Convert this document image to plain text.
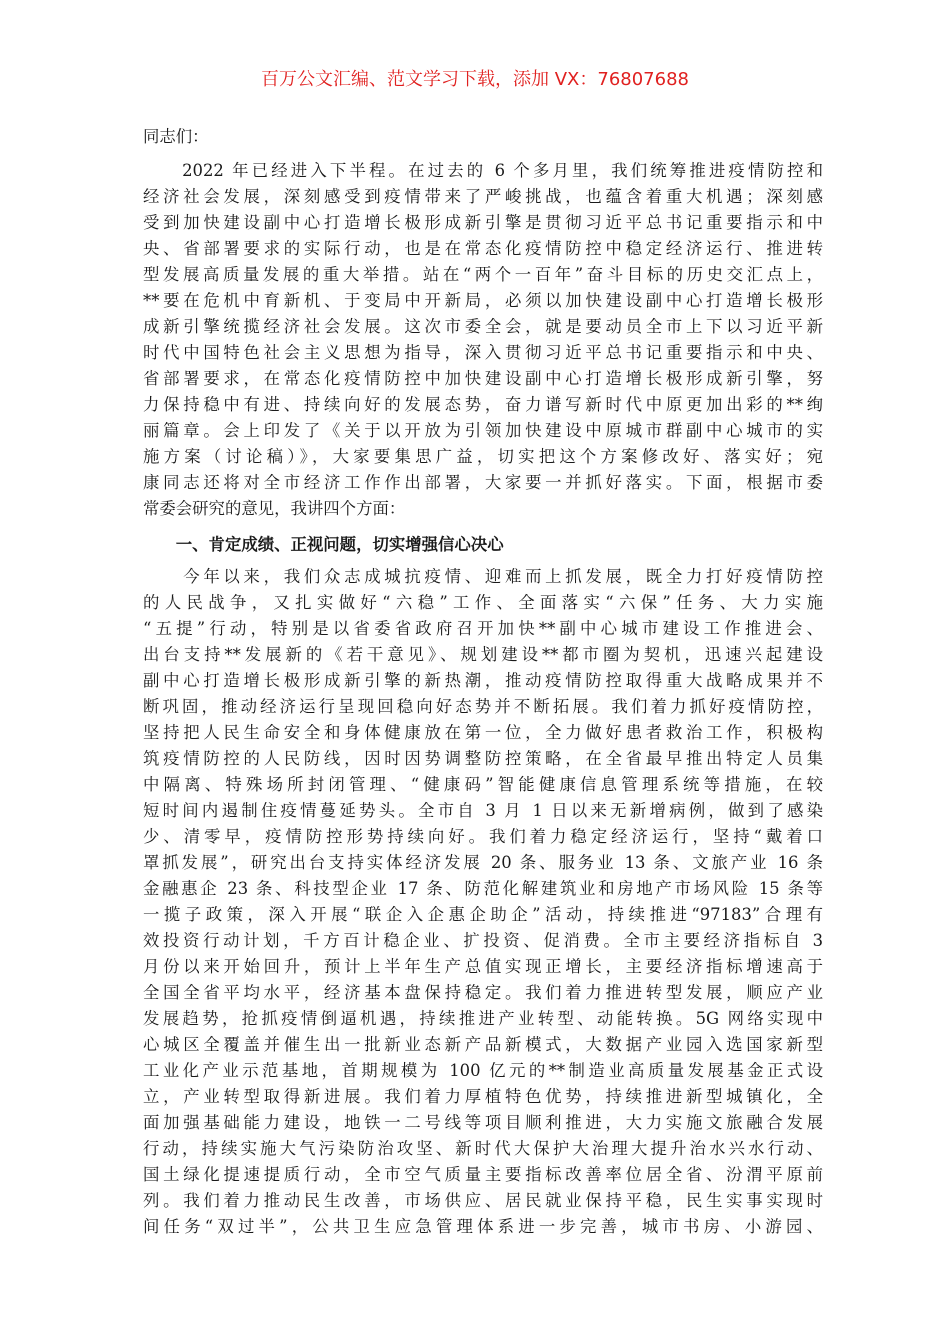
百万公文汇编、范文学习下载，添加 VX：76807688
同志们：
　　2022 年已经进入下半程。在过去的 6 个多月里，我们统筹推进疫情防控和
经济社会发展，深刻感受到疫情带来了严峻挑战，也蕴含着重大机遇；深刻感
受到加快建设副中心打造增长极形成新引擎是贯彻习近平总书记重要指示和中
央、省部署要求的实际行动，也是在常态化疫情防控中稳定经济运行、推进转
型发展高质量发展的重大举措。站在“两个一百年”奋斗目标的历史交汇点上，
**要在危机中育新机、于变局中开新局，必须以加快建设副中心打造增长极形
成新引擎统揽经济社会发展。这次市委全会，就是要动员全市上下以习近平新
时代中国特色社会主义思想为指导，深入贯彻习近平总书记重要指示和中央、
省部署要求，在常态化疫情防控中加快建设副中心打造增长极形成新引擎，努
力保持稳中有进、持续向好的发展态势，奋力谱写新时代中原更加出彩的**绚
丽篇章。会上印发了《关于以开放为引领加快建设中原城市群副中心城市的实
施方案（讨论稿）》，大家要集思广益，切实把这个方案修改好、落实好；宛
康同志还将对全市经济工作作出部署，大家要一并抓好落实。下面，根据市委
常委会研究的意见，我讲四个方面：
　　一、肯定成绩、正视问题，切实增强信心决心
　　今年以来，我们众志成城抗疫情、迎难而上抓发展，既全力打好疫情防控
的人民战争，又扎实做好“六稳”工作、全面落实“六保”任务、大力实施
“五提”行动，特别是以省委省政府召开加快**副中心城市建设工作推进会、
出台支持**发展新的《若干意见》、规划建设**都市圈为契机，迅速兴起建设
副中心打造增长极形成新引擎的新热潮，推动疫情防控取得重大战略成果并不
断巩固，推动经济运行呈现回稳向好态势并不断拓展。我们着力抓好疫情防控，
坚持把人民生命安全和身体健康放在第一位，全力做好患者救治工作，积极构
筑疫情防控的人民防线，因时因势调整防控策略，在全省最早推出特定人员集
中隔离、特殊场所封闭管理、“健康码”智能健康信息管理系统等措施，在较
短时间内遏制住疫情蔓延势头。全市自 3 月 1 日以来无新增病例，做到了感染
少、清零早，疫情防控形势持续向好。我们着力稳定经济运行，坚持“戴着口
罩抓发展”，研究出台支持实体经济发展 20 条、服务业 13 条、文旅产业 16 条
金融惠企 23 条、科技型企业 17 条、防范化解建筑业和房地产市场风险 15 条等
一揽子政策，深入开展“联企入企惠企助企”活动，持续推进“97183”合理有
效投资行动计划，千方百计稳企业、扩投资、促消费。全市主要经济指标自 3
月份以来开始回升，预计上半年生产总值实现正增长，主要经济指标增速高于
全国全省平均水平，经济基本盘保持稳定。我们着力推进转型发展，顺应产业
发展趋势，抢抓疫情倒逼机遇，持续推进产业转型、动能转换。5G 网络实现中
心城区全覆盖并催生出一批新业态新产品新模式，大数据产业园入选国家新型
工业化产业示范基地，首期规模为 100 亿元的**制造业高质量发展基金正式设
立，产业转型取得新进展。我们着力厚植特色优势，持续推进新型城镇化，全
面加强基础能力建设，地铁一二号线等项目顺利推进，大力实施文旅融合发展
行动，持续实施大气污染防治攻坚、新时代大保护大治理大提升治水兴水行动、
国土绿化提速提质行动，全市空气质量主要指标改善率位居全省、汾渭平原前
列。我们着力推动民生改善，市场供应、居民就业保持平稳，民生实事实现时
间任务“双过半”，公共卫生应急管理体系进一步完善，城市书房、小游园、
